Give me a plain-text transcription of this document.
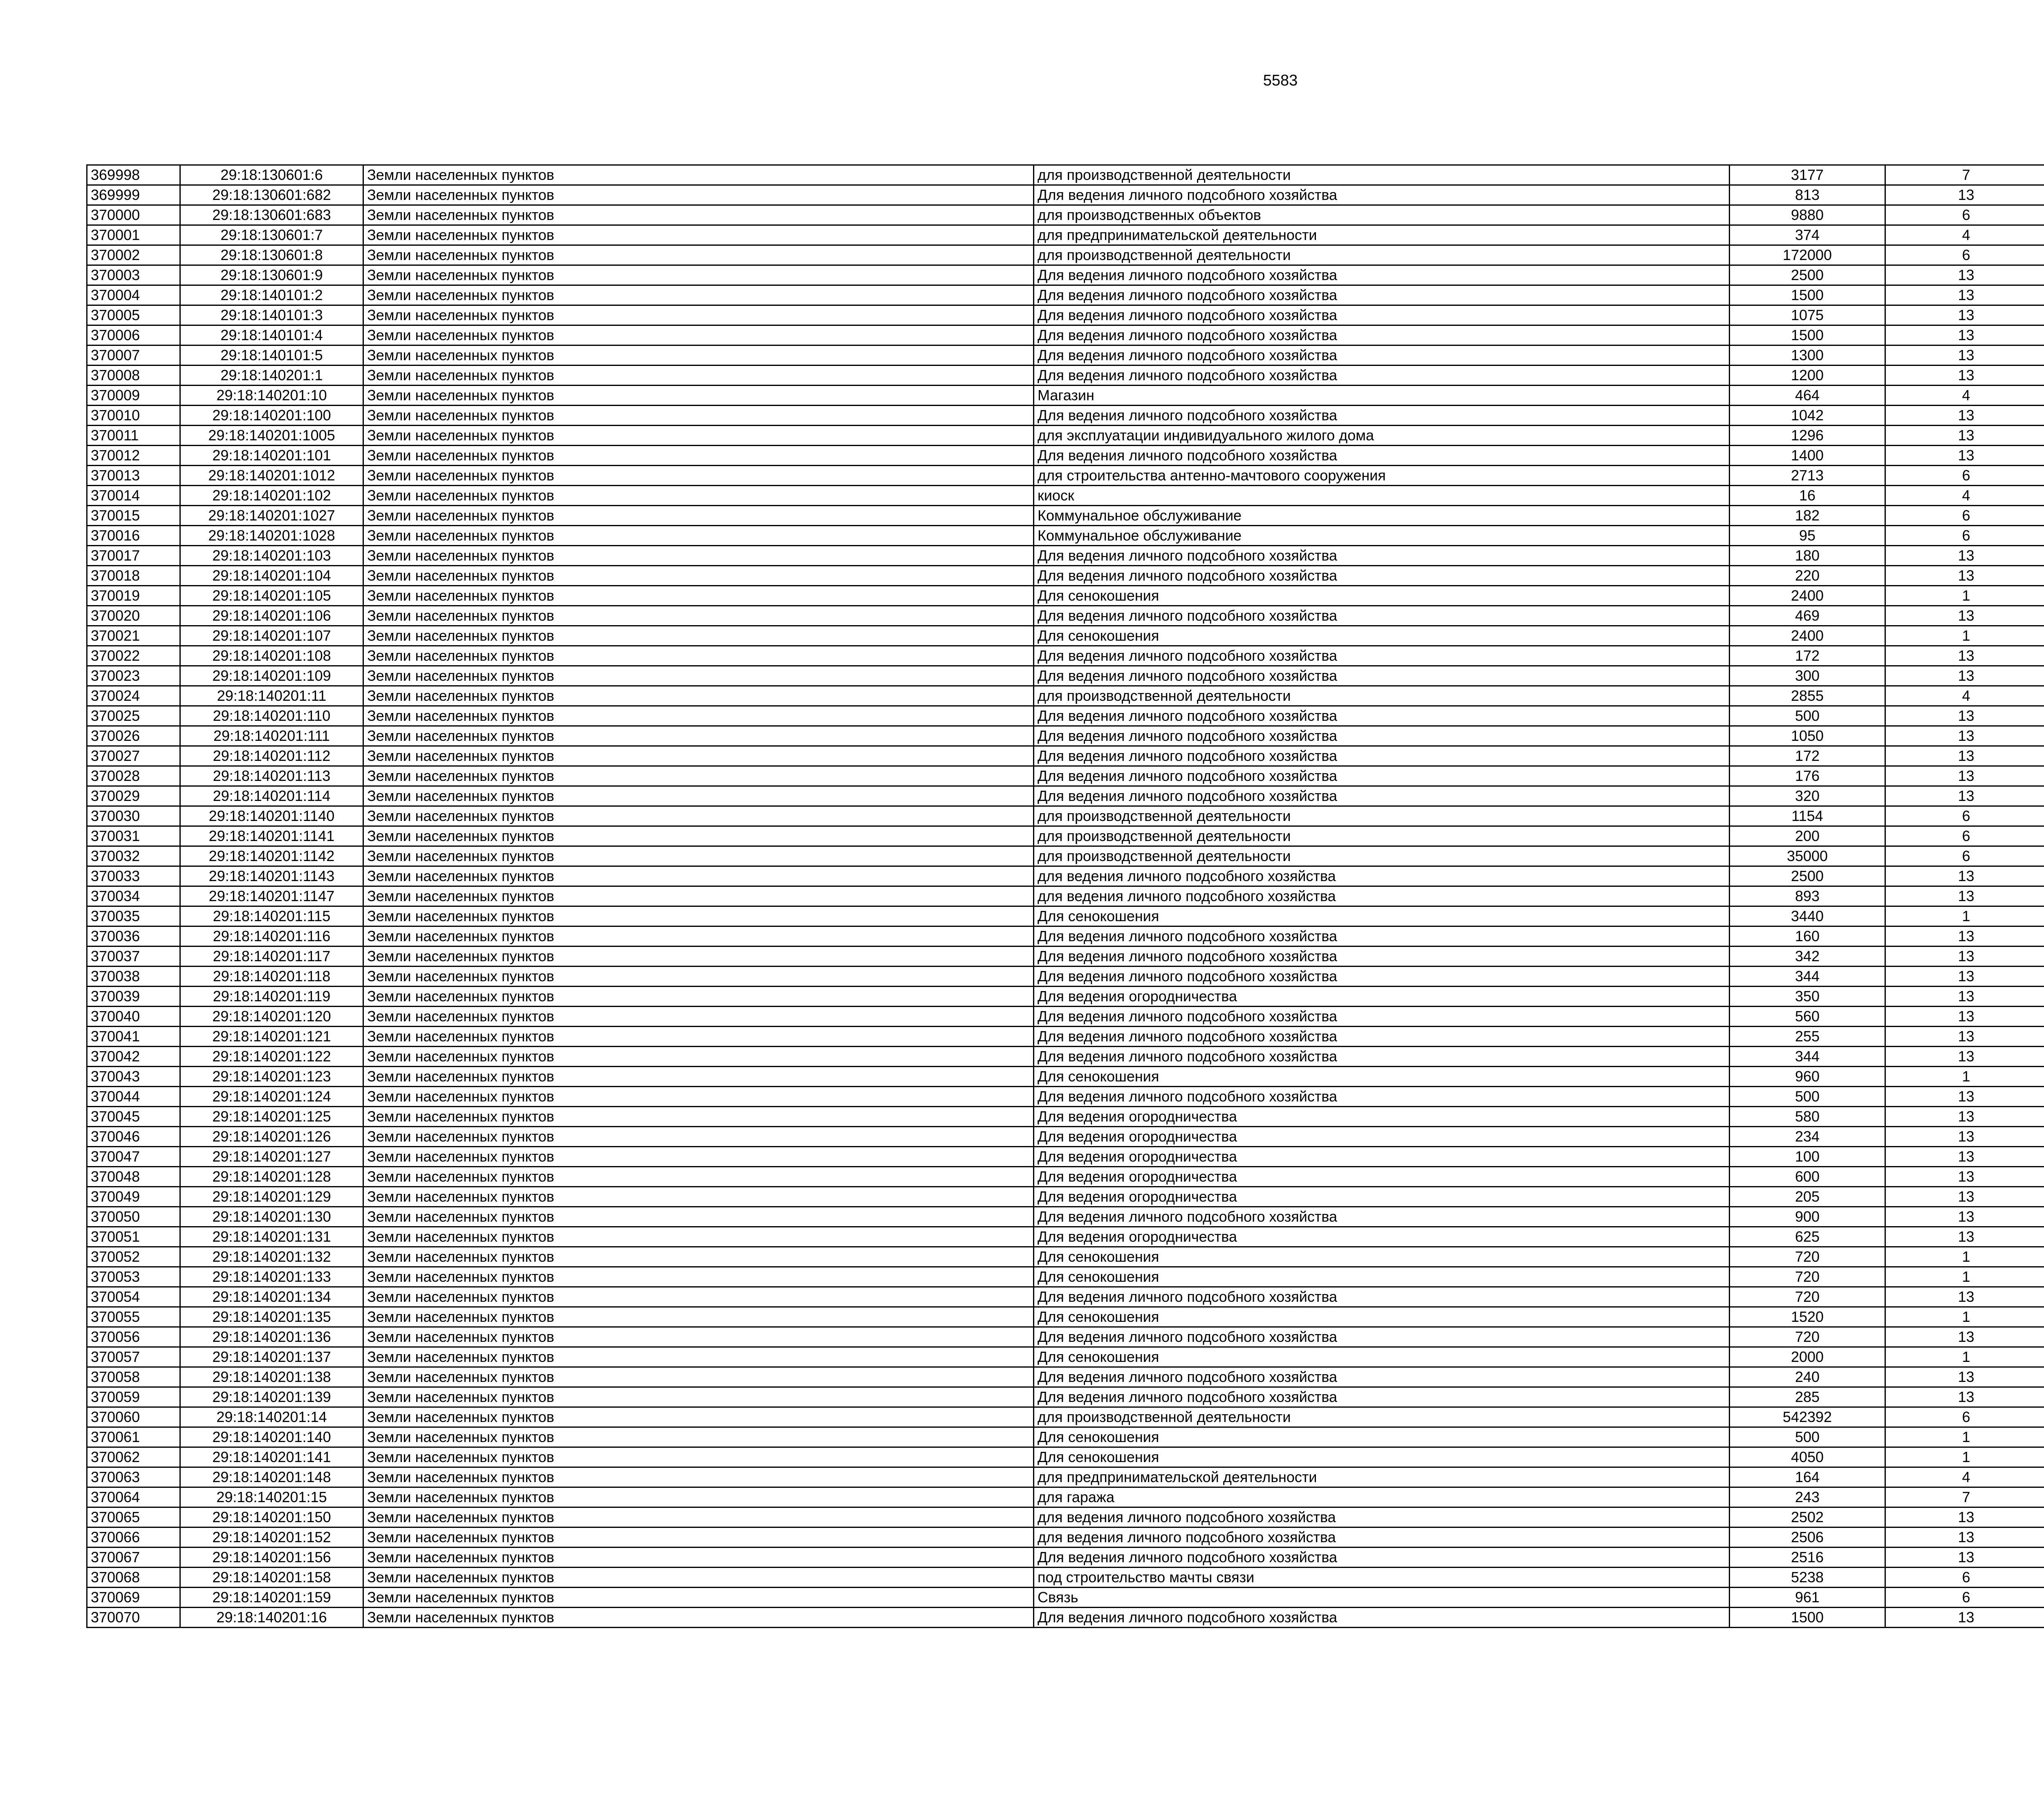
5583
369998	29:18:130601:6	Земли населенных пунктов	для производственной деятельности	3177	7		
369999	29:18:130601:682	Земли населенных пунктов	Для ведения личного подсобного хозяйства	813	13		
370000	29:18:130601:683	Земли населенных пунктов	для производственных объектов	9880	6		
370001	29:18:130601:7	Земли населенных пунктов	для предпринимательской деятельности	374	4		
370002	29:18:130601:8	Земли населенных пунктов	для производственной деятельности	172000	6		
370003	29:18:130601:9	Земли населенных пунктов	Для ведения личного подсобного хозяйства	2500	13		
370004	29:18:140101:2	Земли населенных пунктов	Для ведения личного подсобного хозяйства	1500	13		
370005	29:18:140101:3	Земли населенных пунктов	Для ведения личного подсобного хозяйства	1075	13		
370006	29:18:140101:4	Земли населенных пунктов	Для ведения личного подсобного хозяйства	1500	13		
370007	29:18:140101:5	Земли населенных пунктов	Для ведения личного подсобного хозяйства	1300	13		
370008	29:18:140201:1	Земли населенных пунктов	Для ведения личного подсобного хозяйства	1200	13		
370009	29:18:140201:10	Земли населенных пунктов	Магазин	464	4		
370010	29:18:140201:100	Земли населенных пунктов	Для ведения личного подсобного хозяйства	1042	13		
370011	29:18:140201:1005	Земли населенных пунктов	для эксплуатации индивидуального жилого дома	1296	13		
370012	29:18:140201:101	Земли населенных пунктов	Для ведения личного подсобного хозяйства	1400	13		
370013	29:18:140201:1012	Земли населенных пунктов	для строительства антенно-мачтового сооружения	2713	6		
370014	29:18:140201:102	Земли населенных пунктов	киоск	16	4		
370015	29:18:140201:1027	Земли населенных пунктов	Коммунальное обслуживание	182	6		
370016	29:18:140201:1028	Земли населенных пунктов	Коммунальное обслуживание	95	6		
370017	29:18:140201:103	Земли населенных пунктов	Для ведения личного подсобного хозяйства	180	13		
370018	29:18:140201:104	Земли населенных пунктов	Для ведения личного подсобного хозяйства	220	13		
370019	29:18:140201:105	Земли населенных пунктов	Для сенокошения	2400	1		
370020	29:18:140201:106	Земли населенных пунктов	Для ведения личного подсобного хозяйства	469	13		
370021	29:18:140201:107	Земли населенных пунктов	Для сенокошения	2400	1		
370022	29:18:140201:108	Земли населенных пунктов	Для ведения личного подсобного хозяйства	172	13		
370023	29:18:140201:109	Земли населенных пунктов	Для ведения личного подсобного хозяйства	300	13		
370024	29:18:140201:11	Земли населенных пунктов	для производственной деятельности	2855	4		
370025	29:18:140201:110	Земли населенных пунктов	Для ведения личного подсобного хозяйства	500	13		
370026	29:18:140201:111	Земли населенных пунктов	Для ведения личного подсобного хозяйства	1050	13		
370027	29:18:140201:112	Земли населенных пунктов	Для ведения личного подсобного хозяйства	172	13		
370028	29:18:140201:113	Земли населенных пунктов	Для ведения личного подсобного хозяйства	176	13		
370029	29:18:140201:114	Земли населенных пунктов	Для ведения личного подсобного хозяйства	320	13		
370030	29:18:140201:1140	Земли населенных пунктов	для производственной деятельности	1154	6		
370031	29:18:140201:1141	Земли населенных пунктов	для производственной деятельности	200	6		
370032	29:18:140201:1142	Земли населенных пунктов	для производственной деятельности	35000	6		
370033	29:18:140201:1143	Земли населенных пунктов	для ведения личного подсобного хозяйства	2500	13		
370034	29:18:140201:1147	Земли населенных пунктов	для ведения личного подсобного хозяйства	893	13		
370035	29:18:140201:115	Земли населенных пунктов	Для сенокошения	3440	1		
370036	29:18:140201:116	Земли населенных пунктов	Для ведения личного подсобного хозяйства	160	13		
370037	29:18:140201:117	Земли населенных пунктов	Для ведения личного подсобного хозяйства	342	13		
370038	29:18:140201:118	Земли населенных пунктов	Для ведения личного подсобного хозяйства	344	13		
370039	29:18:140201:119	Земли населенных пунктов	Для ведения огородничества	350	13		
370040	29:18:140201:120	Земли населенных пунктов	Для ведения личного подсобного хозяйства	560	13		
370041	29:18:140201:121	Земли населенных пунктов	Для ведения личного подсобного хозяйства	255	13		
370042	29:18:140201:122	Земли населенных пунктов	Для ведения личного подсобного хозяйства	344	13		
370043	29:18:140201:123	Земли населенных пунктов	Для сенокошения	960	1		
370044	29:18:140201:124	Земли населенных пунктов	Для ведения личного подсобного хозяйства	500	13		
370045	29:18:140201:125	Земли населенных пунктов	Для ведения огородничества	580	13		
370046	29:18:140201:126	Земли населенных пунктов	Для ведения огородничества	234	13		
370047	29:18:140201:127	Земли населенных пунктов	Для ведения огородничества	100	13		
370048	29:18:140201:128	Земли населенных пунктов	Для ведения огородничества	600	13		
370049	29:18:140201:129	Земли населенных пунктов	Для ведения огородничества	205	13		
370050	29:18:140201:130	Земли населенных пунктов	Для ведения личного подсобного хозяйства	900	13		
370051	29:18:140201:131	Земли населенных пунктов	Для ведения огородничества	625	13		
370052	29:18:140201:132	Земли населенных пунктов	Для сенокошения	720	1		
370053	29:18:140201:133	Земли населенных пунктов	Для сенокошения	720	1		
370054	29:18:140201:134	Земли населенных пунктов	Для ведения личного подсобного хозяйства	720	13		
370055	29:18:140201:135	Земли населенных пунктов	Для сенокошения	1520	1		
370056	29:18:140201:136	Земли населенных пунктов	Для ведения личного подсобного хозяйства	720	13		
370057	29:18:140201:137	Земли населенных пунктов	Для сенокошения	2000	1		
370058	29:18:140201:138	Земли населенных пунктов	Для ведения личного подсобного хозяйства	240	13		
370059	29:18:140201:139	Земли населенных пунктов	Для ведения личного подсобного хозяйства	285	13		
370060	29:18:140201:14	Земли населенных пунктов	для производственной деятельности	542392	6		
370061	29:18:140201:140	Земли населенных пунктов	Для сенокошения	500	1		
370062	29:18:140201:141	Земли населенных пунктов	Для сенокошения	4050	1		
370063	29:18:140201:148	Земли населенных пунктов	для предпринимательской деятельности	164	4		
370064	29:18:140201:15	Земли населенных пунктов	для гаража	243	7		
370065	29:18:140201:150	Земли населенных пунктов	для ведения личного подсобного хозяйства	2502	13		
370066	29:18:140201:152	Земли населенных пунктов	для ведения личного подсобного хозяйства	2506	13		
370067	29:18:140201:156	Земли населенных пунктов	Для ведения личного подсобного хозяйства	2516	13		
370068	29:18:140201:158	Земли населенных пунктов	под строительство мачты связи	5238	6		
370069	29:18:140201:159	Земли населенных пунктов	Связь	961	6		
370070	29:18:140201:16	Земли населенных пунктов	Для ведения личного подсобного хозяйства	1500	13		
